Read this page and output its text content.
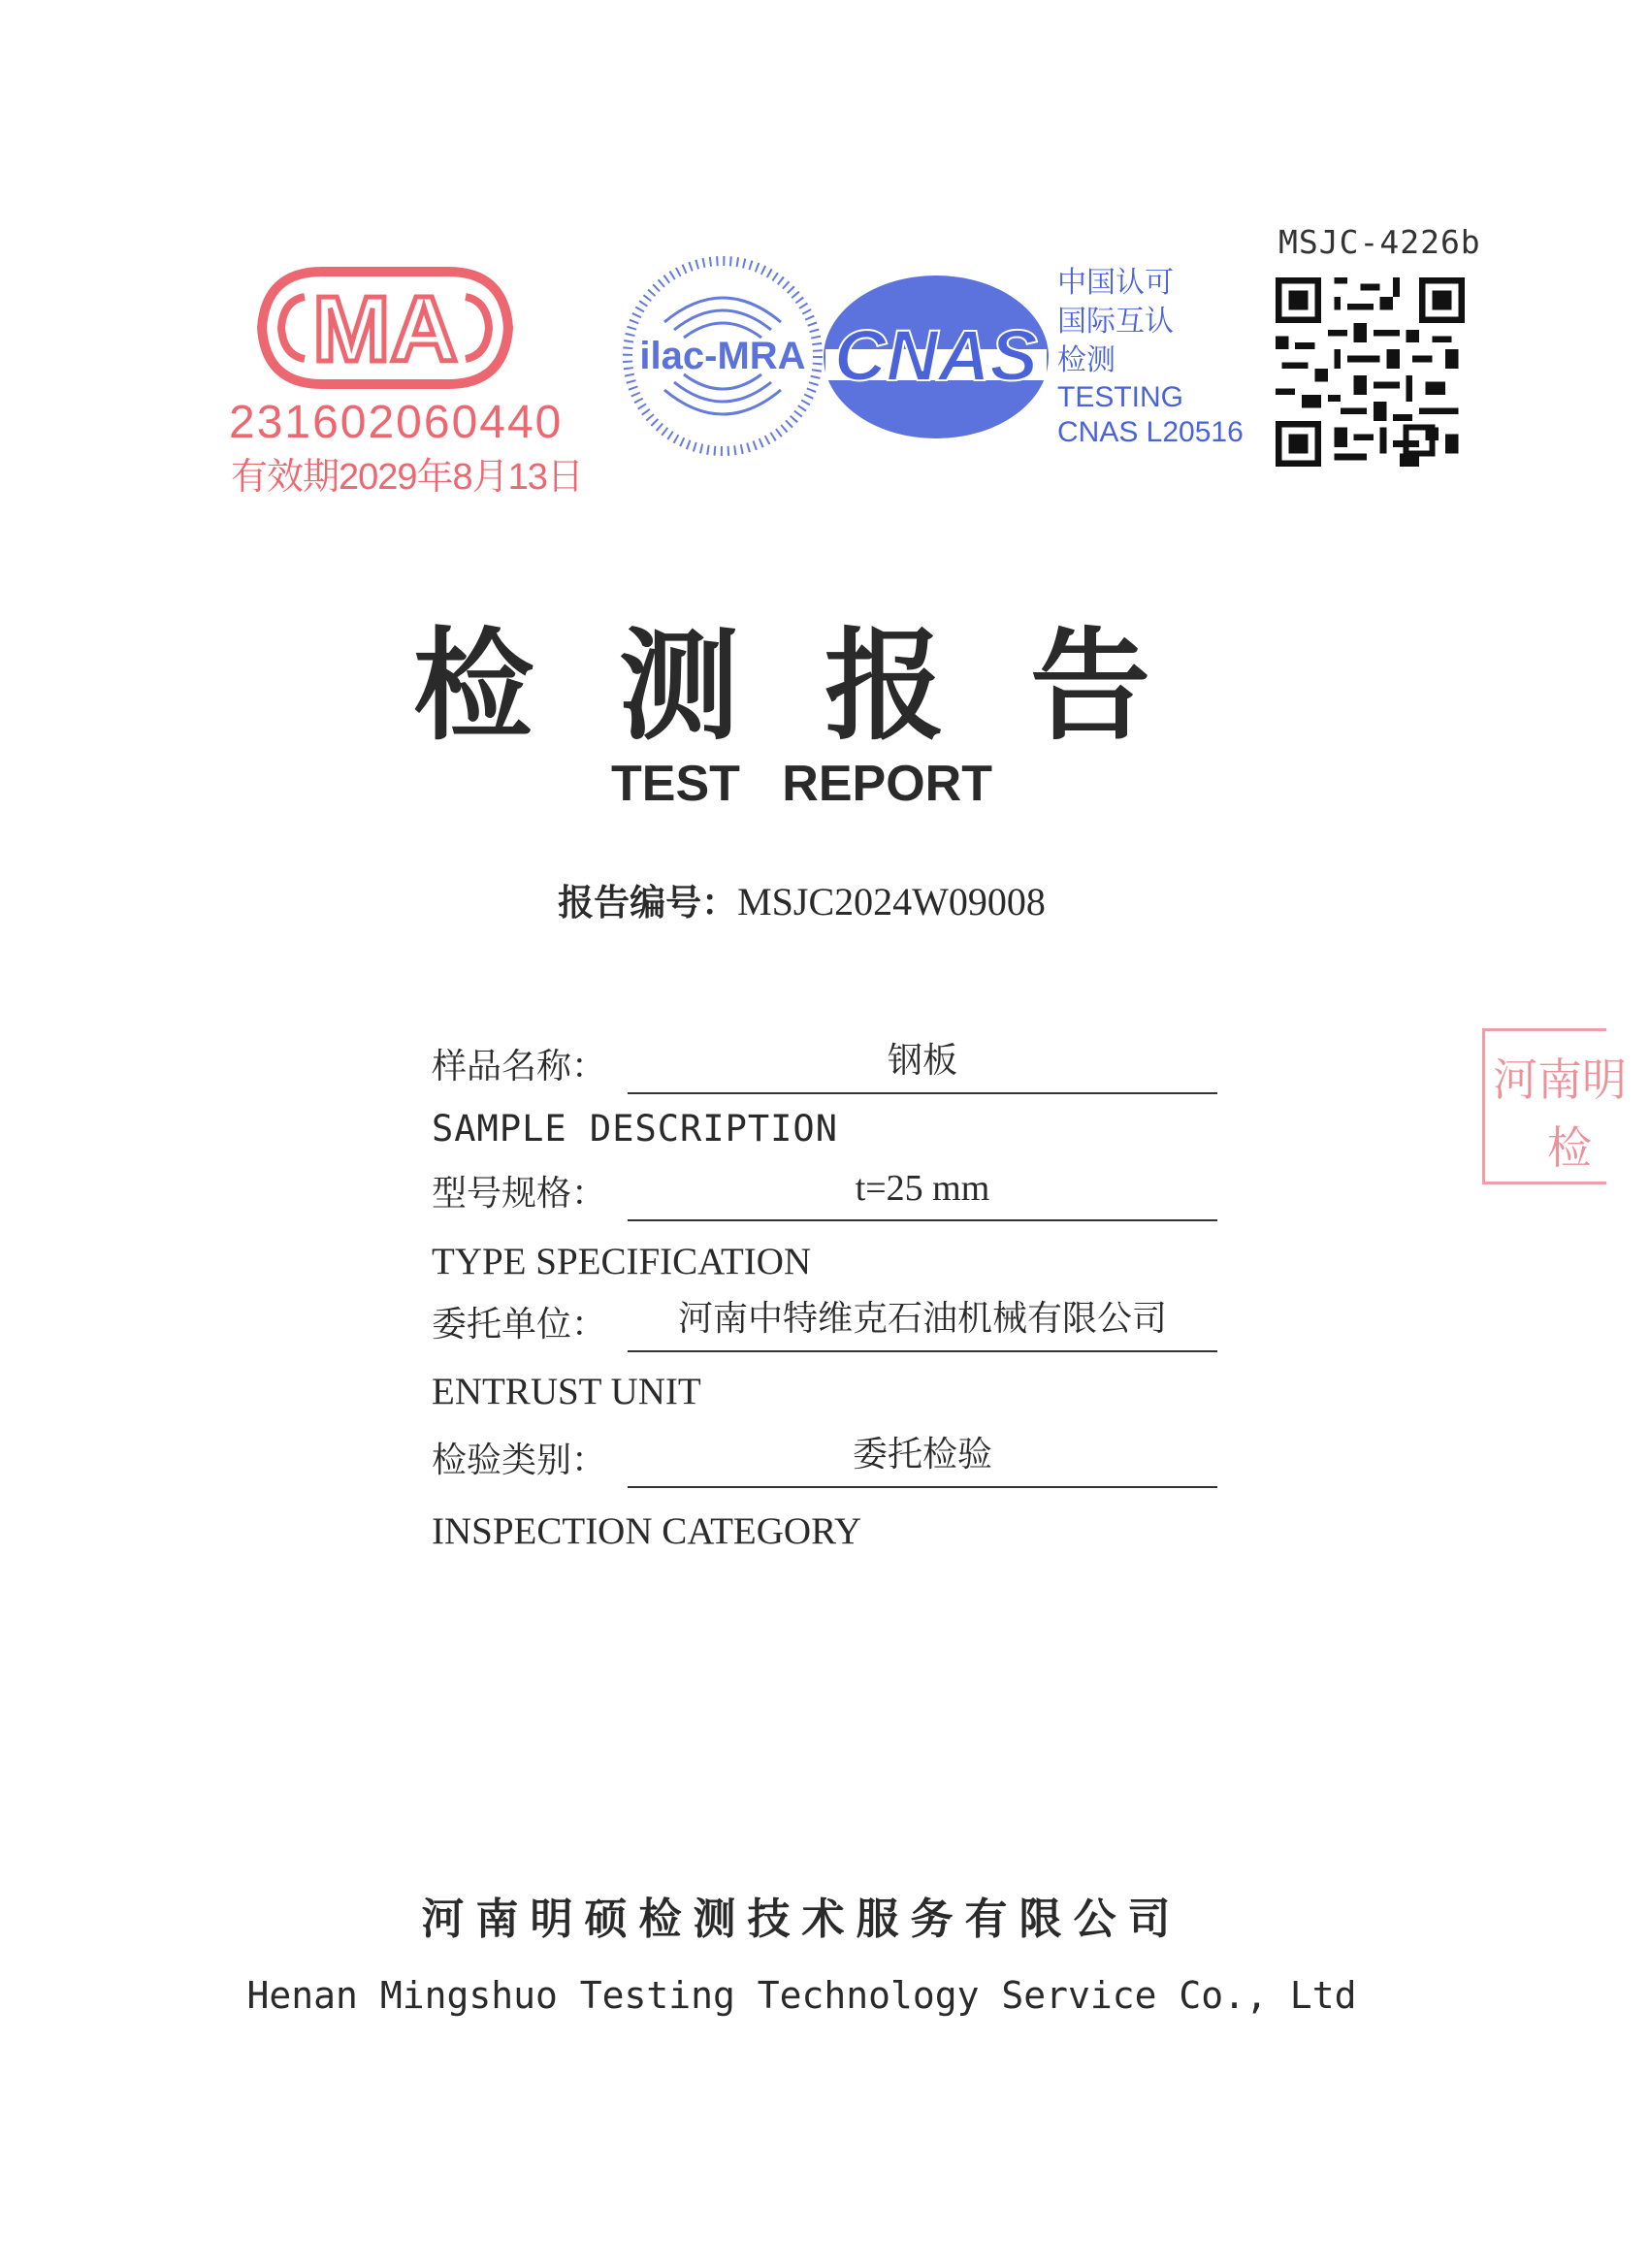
MA
231602060440
有效期2029年8月13日
ilac-MRA CNAS
中国认可
国际互认
检测
TESTING
CNAS L20516
MSJC-4226b
检测报告
TEST   REPORT
报告编号：MSJC2024W09008
样品名称：	钢板
SAMPLE DESCRIPTION
型号规格：	t=25 mm
TYPE SPECIFICATION
委托单位：	河南中特维克石油机械有限公司
ENTRUST UNIT
检验类别：	委托检验
INSPECTION CATEGORY
河南明硕检测技术服务有限公司
Henan Mingshuo Testing Technology Service Co., Ltd
河南明
检
